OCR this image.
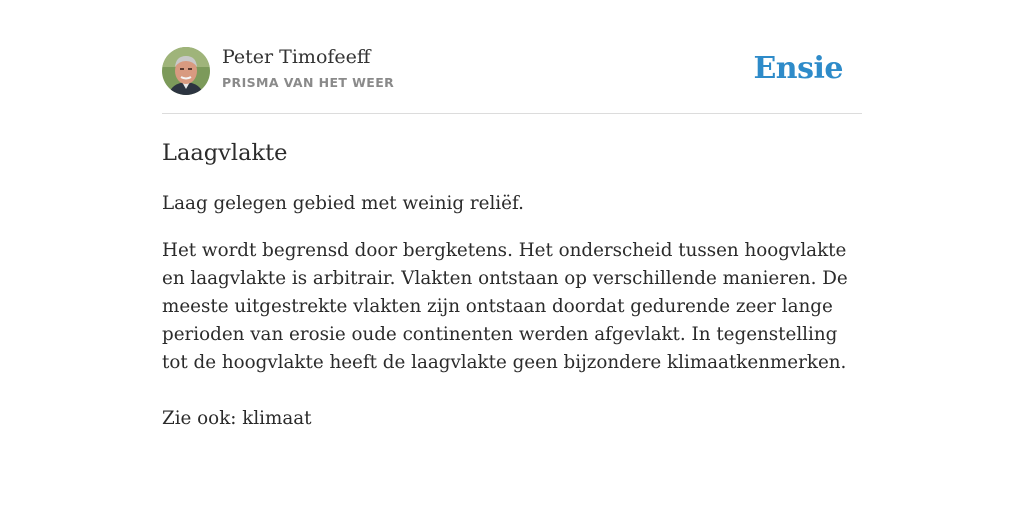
Peter Timofeeff
PRISMA VAN HET WEER	Ensie
Laagvlakte

Laag gelegen gebied met weinig reliëf.

Het wordt begrensd door bergketens. Het onderscheid tussen hoogvlakte en laagvlakte is arbitrair. Vlakten ontstaan op verschillende manieren. De meeste uitgestrekte vlakten zijn ontstaan doordat gedurende zeer lange perioden van erosie oude continenten werden afgevlakt. In tegenstelling tot de hoogvlakte heeft de laagvlakte geen bijzondere klimaatkenmerken.

Zie ook: klimaat
